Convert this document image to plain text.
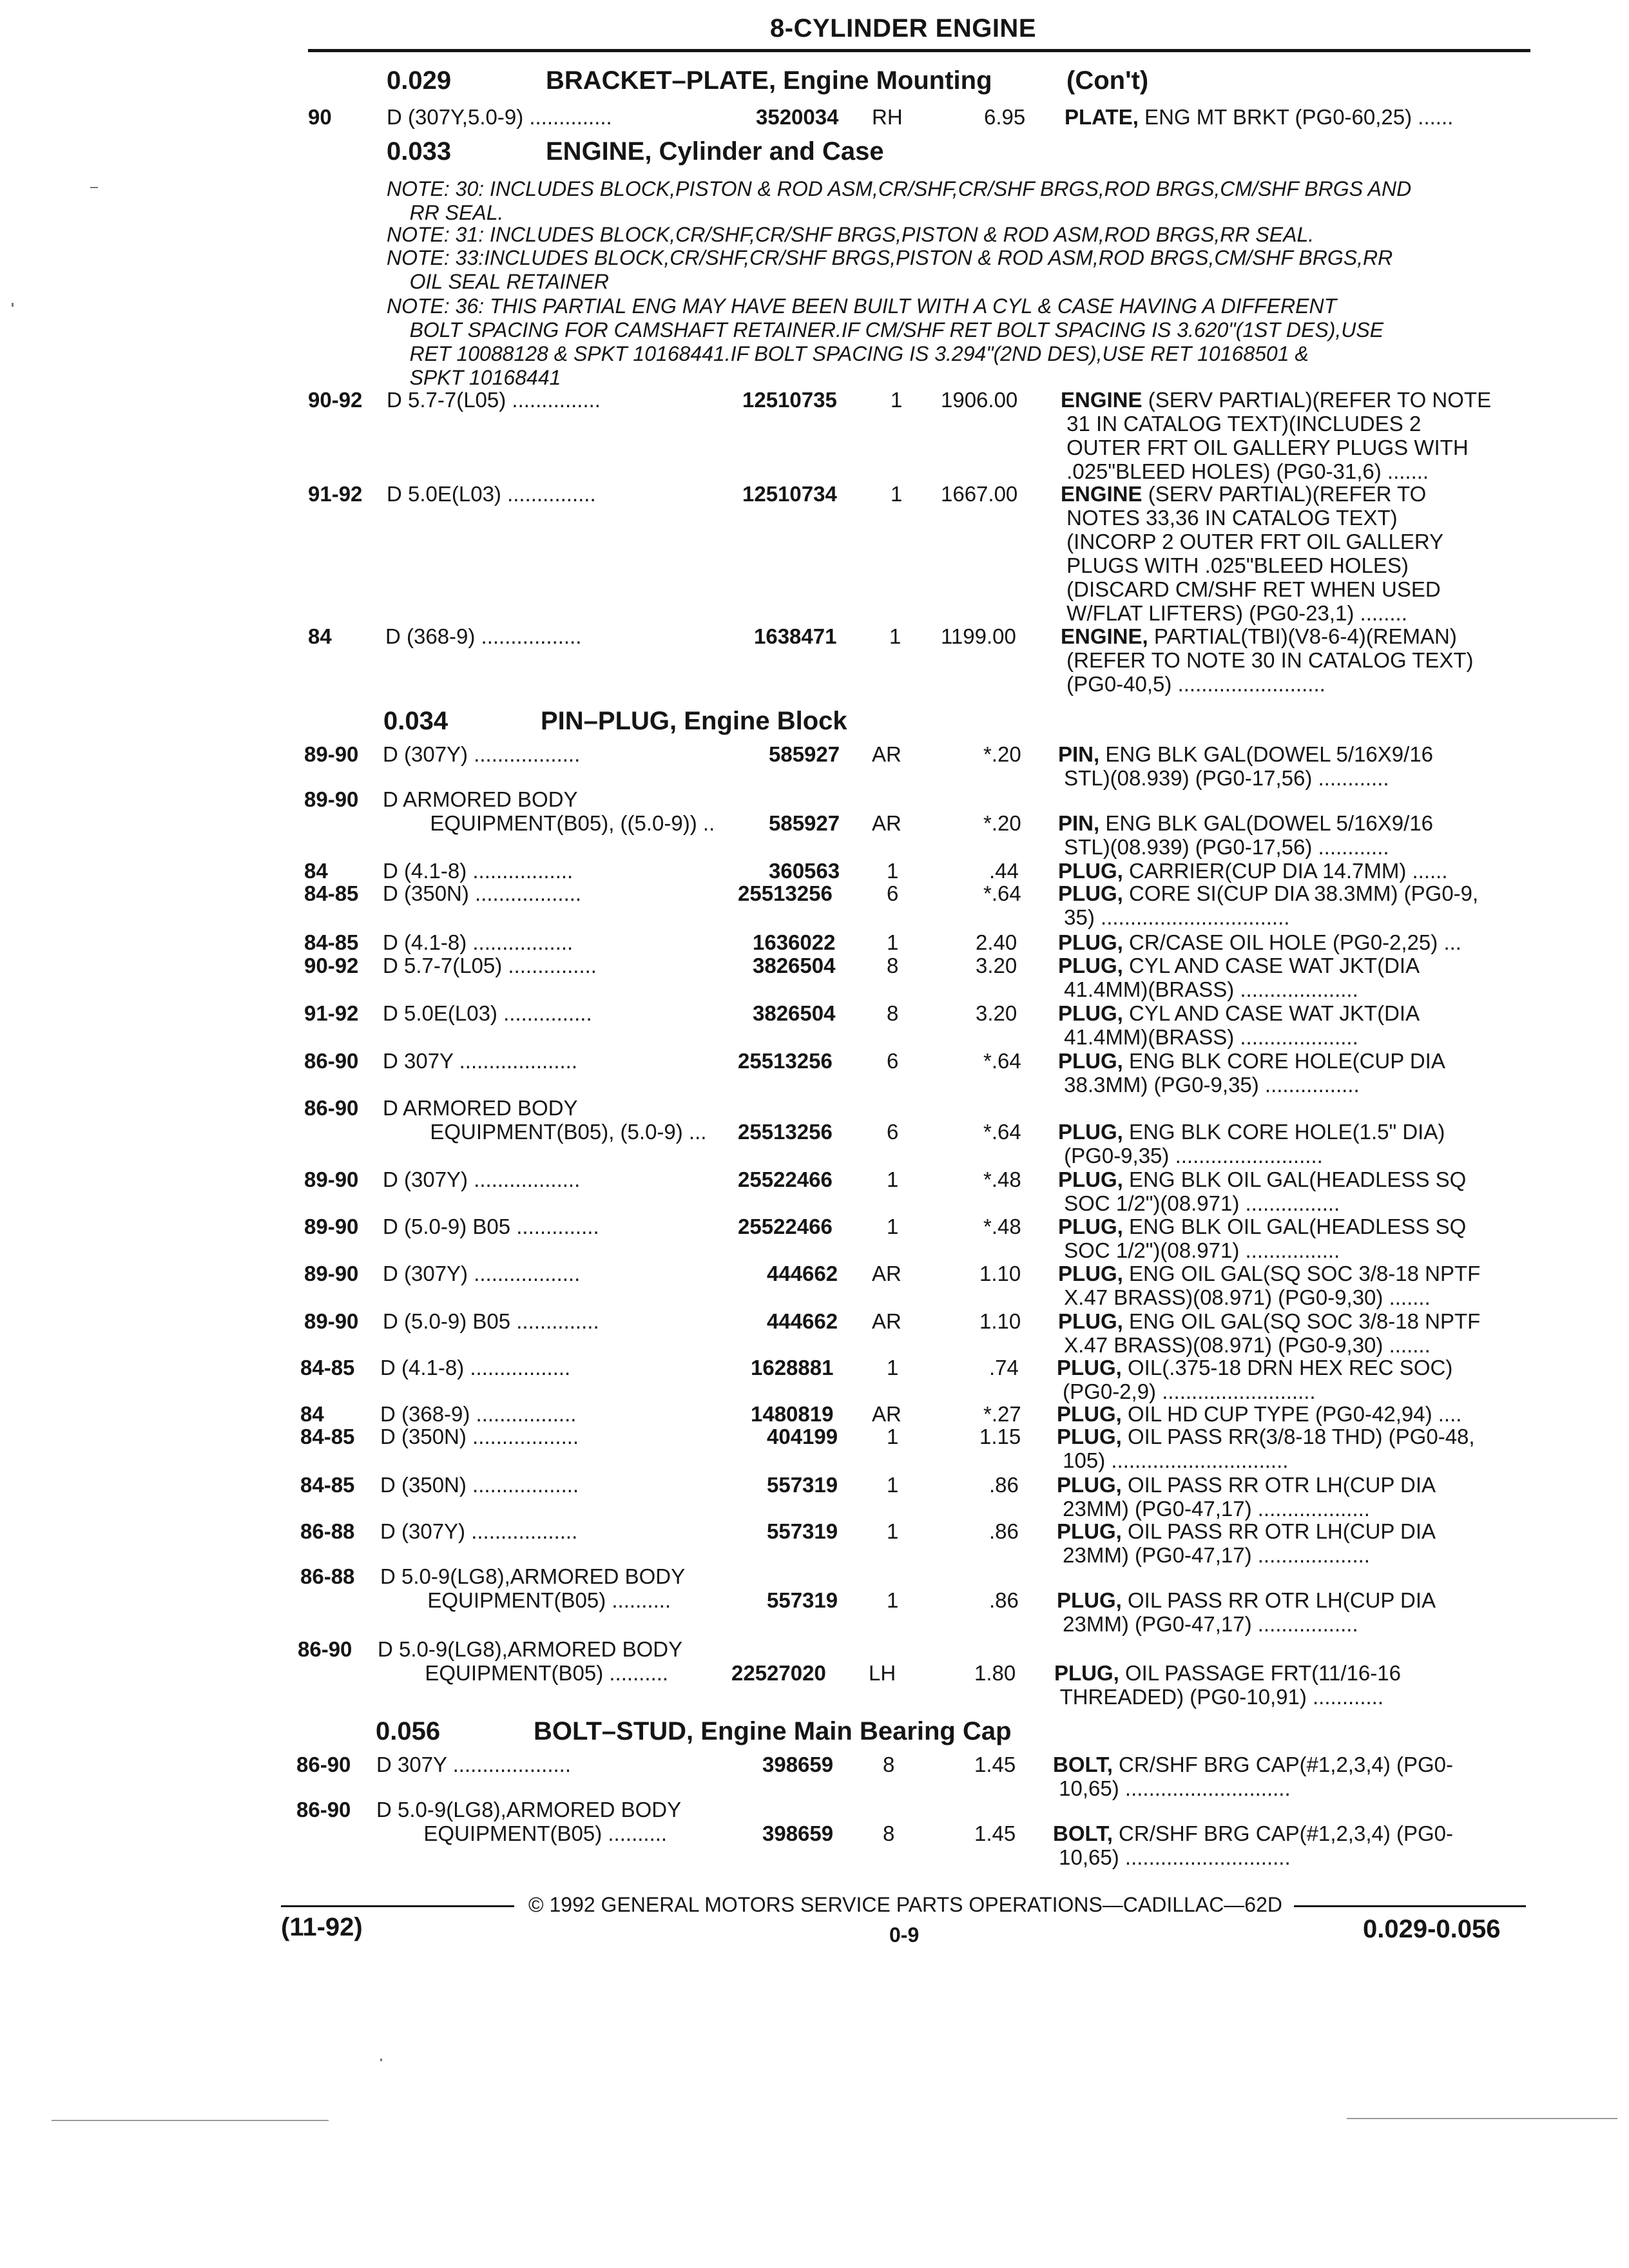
8-CYLINDER ENGINE
0.029	BRACKET–PLATE, Engine Mounting	(Con't)
90	D (307Y,5.0-9) ..............	3520034 RH	6.95 PLATE, ENG MT BRKT (PG0-60,25) ......
0.033	ENGINE, Cylinder and Case
NOTE: 30: INCLUDES BLOCK,PISTON & ROD ASM,CR/SHF,CR/SHF BRGS,ROD BRGS,CM/SHF BRGS AND
RR SEAL.
NOTE: 31: INCLUDES BLOCK,CR/SHF,CR/SHF BRGS,PISTON & ROD ASM,ROD BRGS,RR SEAL.
NOTE: 33:INCLUDES BLOCK,CR/SHF,CR/SHF BRGS,PISTON & ROD ASM,ROD BRGS,CM/SHF BRGS,RR
OIL SEAL RETAINER
NOTE: 36: THIS PARTIAL ENG MAY HAVE BEEN BUILT WITH A CYL & CASE HAVING A DIFFERENT
BOLT SPACING FOR CAMSHAFT RETAINER.IF CM/SHF RET BOLT SPACING IS 3.620"(1ST DES),USE
RET 10088128 & SPKT 10168441.IF BOLT SPACING IS 3.294"(2ND DES),USE RET 10168501 &
SPKT 10168441
90-92 D 5.7-7(L05) ...............	12510735	1 1906.00 ENGINE (SERV PARTIAL)(REFER TO NOTE
31 IN CATALOG TEXT)(INCLUDES 2
OUTER FRT OIL GALLERY PLUGS WITH
.025"BLEED HOLES) (PG0-31,6) .......
91-92 D 5.0E(L03) ...............	12510734	1 1667.00 ENGINE (SERV PARTIAL)(REFER TO
NOTES 33,36 IN CATALOG TEXT)
(INCORP 2 OUTER FRT OIL GALLERY
PLUGS WITH .025"BLEED HOLES)
(DISCARD CM/SHF RET WHEN USED
W/FLAT LIFTERS) (PG0-23,1) ........
84	D (368-9) .................	1638471 1 1199.00 ENGINE, PARTIAL(TBI)(V8-6-4)(REMAN)
(REFER TO NOTE 30 IN CATALOG TEXT)
(PG0-40,5) .........................
0.034	PIN–PLUG, Engine Block
89-90 D (307Y) ..................	585927 AR	*.20 PIN, ENG BLK GAL(DOWEL 5/16X9/16
STL)(08.939) (PG0-17,56) ............
89-90 D ARMORED BODY
EQUIPMENT(B05), ((5.0-9)) ..	585927 AR	*.20 PIN, ENG BLK GAL(DOWEL 5/16X9/16
STL)(08.939) (PG0-17,56) ............
84	D (4.1-8) .................	360563 1	.44 PLUG, CARRIER(CUP DIA 14.7MM) ......
84-85 D (350N) ..................	25513256	6	*.64 PLUG, CORE SI(CUP DIA 38.3MM) (PG0-9,
35) ................................
84-85 D (4.1-8) .................	1636022 1	2.40 PLUG, CR/CASE OIL HOLE (PG0-2,25) ...
90-92 D 5.7-7(L05) ...............	3826504 8	3.20 PLUG, CYL AND CASE WAT JKT(DIA
41.4MM)(BRASS) ....................
91-92 D 5.0E(L03) ...............	3826504 8	3.20 PLUG, CYL AND CASE WAT JKT(DIA
41.4MM)(BRASS) ....................
86-90 D 307Y ....................	25513256	6	*.64 PLUG, ENG BLK CORE HOLE(CUP DIA
38.3MM) (PG0-9,35) ................
86-90 D ARMORED BODY
EQUIPMENT(B05), (5.0-9) ... 25513256	6	*.64 PLUG, ENG BLK CORE HOLE(1.5" DIA)
(PG0-9,35) .........................
89-90 D (307Y) ..................	25522466	1	*.48 PLUG, ENG BLK OIL GAL(HEADLESS SQ
SOC 1/2")(08.971) ................
89-90 D (5.0-9) B05 ..............	25522466	1	*.48 PLUG, ENG BLK OIL GAL(HEADLESS SQ
SOC 1/2")(08.971) ................
89-90 D (307Y) ..................	444662 AR	1.10 PLUG, ENG OIL GAL(SQ SOC 3/8-18 NPTF
X.47 BRASS)(08.971) (PG0-9,30) .......
89-90 D (5.0-9) B05 ..............	444662 AR	1.10 PLUG, ENG OIL GAL(SQ SOC 3/8-18 NPTF
X.47 BRASS)(08.971) (PG0-9,30) .......
84-85 D (4.1-8) .................	1628881	1	.74 PLUG, OIL(.375-18 DRN HEX REC SOC)
(PG0-2,9) ..........................
84	D (368-9) .................	1480819 AR	*.27 PLUG, OIL HD CUP TYPE (PG0-42,94) ....
84-85 D (350N) ..................	404199 1	1.15 PLUG, OIL PASS RR(3/8-18 THD) (PG0-48,
105) ..............................
84-85 D (350N) ..................	557319 1	.86 PLUG, OIL PASS RR OTR LH(CUP DIA
23MM) (PG0-47,17) ...................
86-88 D (307Y) ..................	557319 1	.86 PLUG, OIL PASS RR OTR LH(CUP DIA
23MM) (PG0-47,17) ...................
86-88 D 5.0-9(LG8),ARMORED BODY
EQUIPMENT(B05) ..........	557319 1	.86 PLUG, OIL PASS RR OTR LH(CUP DIA
23MM) (PG0-47,17) .................
86-90 D 5.0-9(LG8),ARMORED BODY
EQUIPMENT(B05) ..........	22527020 LH	1.80 PLUG, OIL PASSAGE FRT(11/16-16
THREADED) (PG0-10,91) ............
0.056	BOLT–STUD, Engine Main Bearing Cap
86-90 D 307Y ....................	398659 8	1.45 BOLT, CR/SHF BRG CAP(#1,2,3,4) (PG0-
10,65) ............................
86-90 D 5.0-9(LG8),ARMORED BODY
EQUIPMENT(B05) ..........	398659 8	1.45 BOLT, CR/SHF BRG CAP(#1,2,3,4) (PG0-
10,65) ............................
© 1992 GENERAL MOTORS SERVICE PARTS OPERATIONS—CADILLAC—62D
(11-92)	0-9	0.029-0.056
